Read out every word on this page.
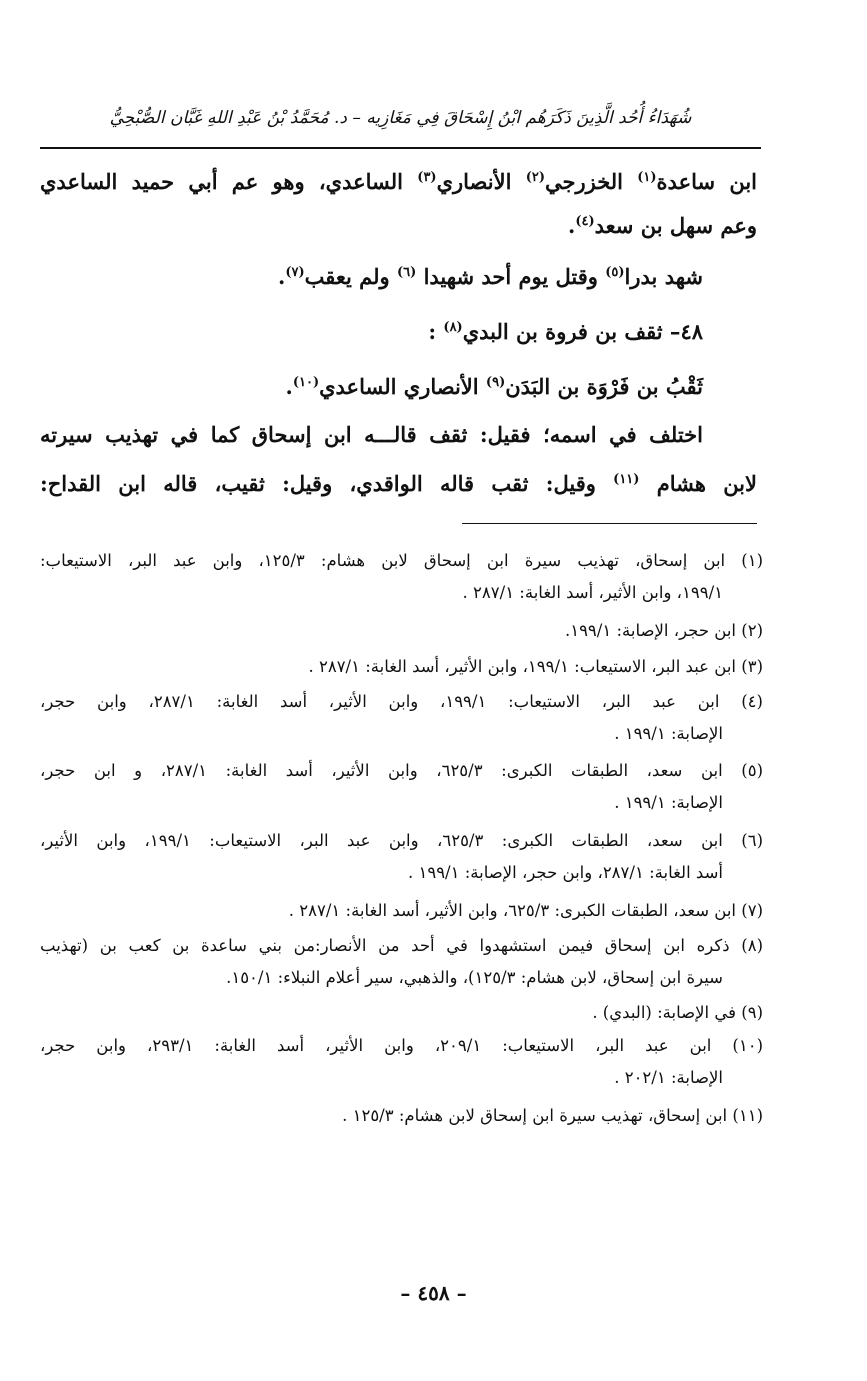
شُهَدَاءُ أُحُد الَّذِينَ ذَكَرَهُم ابْنُ إِسْحَاقَ فِي مَغَازِيه – د. مُحَمَّدُ بْنُ عَبْدِ اللهِ غَبَّان الصُّبْحِيُّ
ابن ساعدة$^{(١)}$ الخزرجي$^{(٢)}$ الأنصاري$^{(٣)}$ الساعدي، وهو عم أبي حميد الساعدي
وعم سهل بن سعد$^{(٤)}$.
شهد بدرا$^{(٥)}$ وقتل يوم أحد شهيدا $^{(٦)}$ ولم يعقب$^{(٧)}$.
٤٨– ثقف بن فروة بن البدي$^{(٨)}$ :
ثَقْبُ بن فَرْوَة بن البَدَن$^{(٩)}$ الأنصاري الساعدي$^{(١٠)}$.
اختلف في اسمه؛ فقيل: ثقف قالـــه ابن إسحاق كما في تهذيب سيرته
لابن هشام $^{(١١)}$ وقيل: ثقب قاله الواقدي، وقيل: ثقيب، قاله ابن القداح:
(١) ابن إسحاق، تهذيب سيرة ابن إسحاق لابن هشام: ١٢٥/٣، وابن عبد البر، الاستيعاب:
١٩٩/١، وابن الأثير، أسد الغابة: ٢٨٧/١ .
(٢) ابن حجر، الإصابة: ١٩٩/١.
(٣) ابن عبد البر، الاستيعاب: ١٩٩/١، وابن الأثير، أسد الغابة: ٢٨٧/١ .
(٤) ابن عبد البر، الاستيعاب: ١٩٩/١، وابن الأثير، أسد الغابة: ٢٨٧/١، وابن حجر،
الإصابة: ١٩٩/١ .
(٥) ابن سعد، الطبقات الكبرى: ٦٢٥/٣، وابن الأثير، أسد الغابة: ٢٨٧/١، و ابن حجر،
الإصابة: ١٩٩/١ .
(٦) ابن سعد، الطبقات الكبرى: ٦٢٥/٣، وابن عبد البر، الاستيعاب: ١٩٩/١، وابن الأثير،
أسد الغابة: ٢٨٧/١، وابن حجر، الإصابة: ١٩٩/١ .
(٧) ابن سعد، الطبقات الكبرى: ٦٢٥/٣، وابن الأثير، أسد الغابة: ٢٨٧/١ .
(٨) ذكره ابن إسحاق فيمن استشهدوا في أحد من الأنصار:من بني ساعدة بن كعب بن (تهذيب
سيرة ابن إسحاق، لابن هشام: ١٢٥/٣)، والذهبي، سير أعلام النبلاء: ١٥٠/١.
(٩) في الإصابة: (البدي) .
(١٠) ابن عبد البر، الاستيعاب: ٢٠٩/١، وابن الأثير، أسد الغابة: ٢٩٣/١، وابن حجر،
الإصابة: ٢٠٢/١ .
(١١) ابن إسحاق، تهذيب سيرة ابن إسحاق لابن هشام: ١٢٥/٣ .
– ٤٥٨ –
